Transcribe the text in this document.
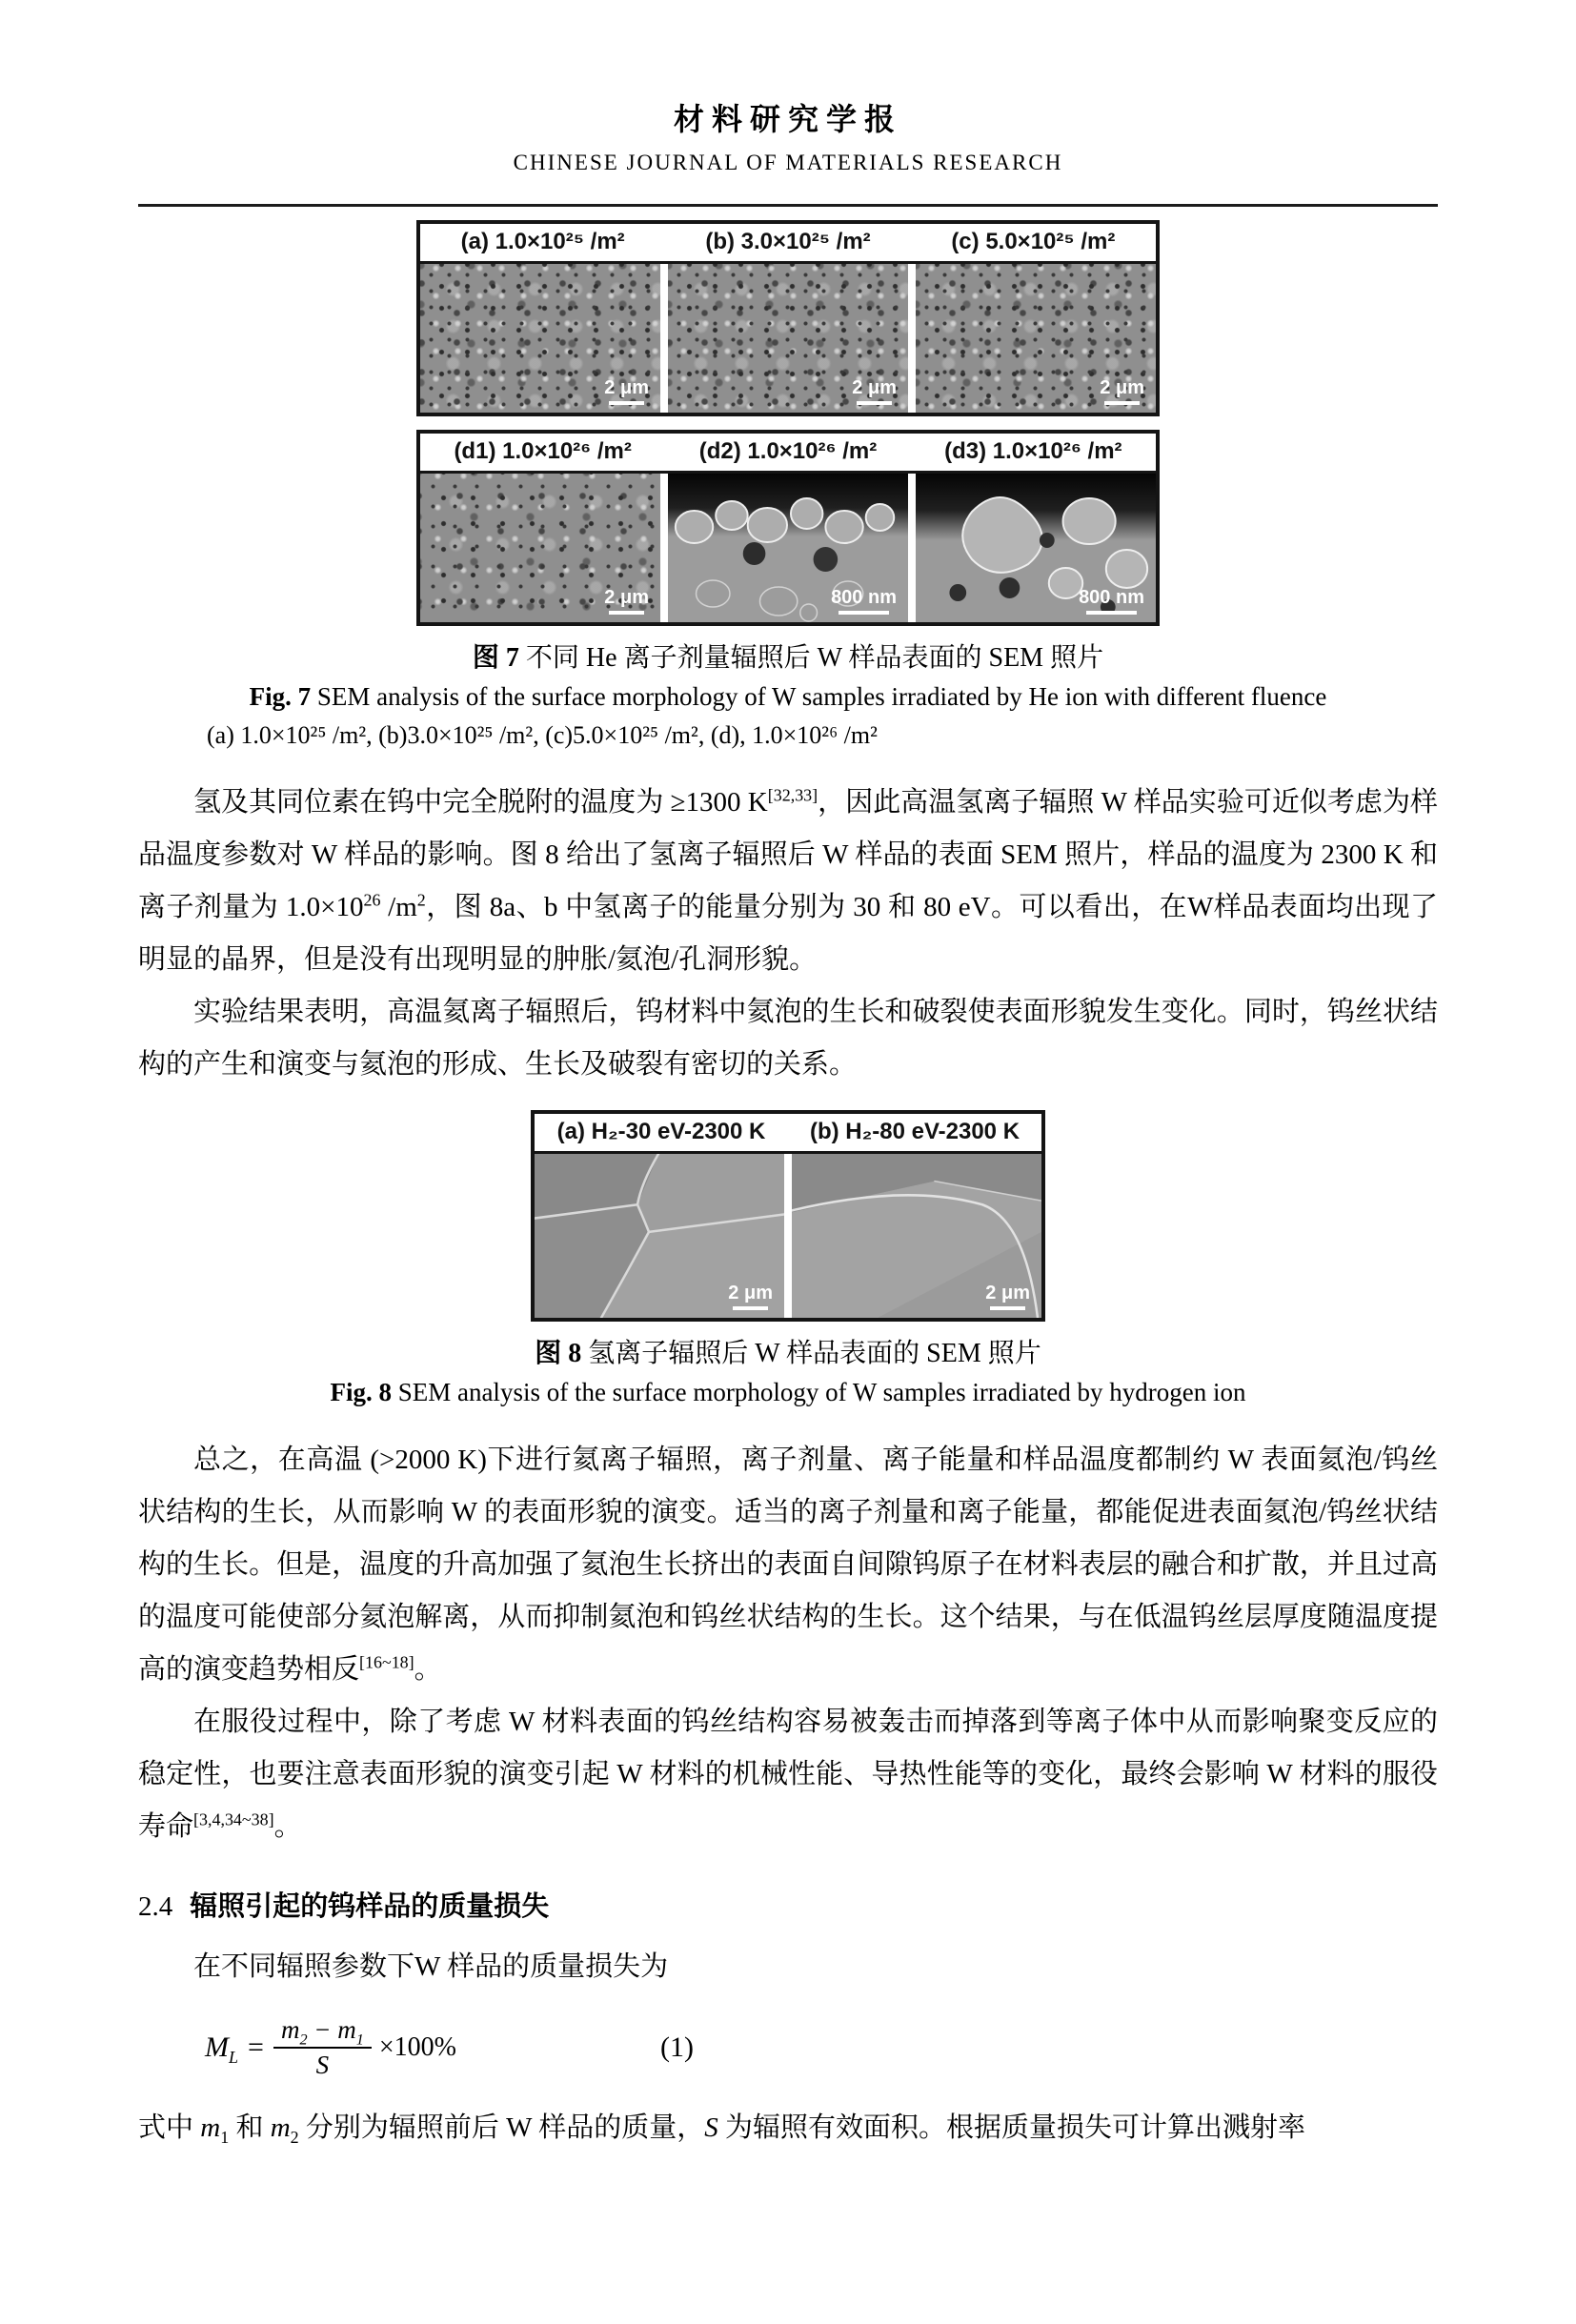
材料研究学报
CHINESE JOURNAL OF MATERIALS RESEARCH
(a) 1.0×10²⁵ /m²	(b) 3.0×10²⁵ /m²	(c) 5.0×10²⁵ /m²
2 μm	2 μm	2 μm
(d1) 1.0×10²⁶ /m²	(d2) 1.0×10²⁶ /m²	(d3) 1.0×10²⁶ /m²
2 μm	800 nm	800 nm
图 7 不同 He 离子剂量辐照后 W 样品表面的 SEM 照片
Fig. 7 SEM analysis of the surface morphology of W samples irradiated by He ion with different fluence
(a) 1.0×10²⁵ /m², (b)3.0×10²⁵ /m², (c)5.0×10²⁵ /m², (d), 1.0×10²⁶ /m²

氢及其同位素在钨中完全脱附的温度为 ≥1300 K[32,33]，因此高温氢离子辐照 W 样品实验可近似考虑为样品温度参数对 W 样品的影响。图 8 给出了氢离子辐照后 W 样品的表面 SEM 照片，样品的温度为 2300 K 和离子剂量为 $1.0\times 10^{26}$ $/m^2$，图 8a、b 中氢离子的能量分别为 30 和 80 eV。可以看出，在W样品表面均出现了明显的晶界，但是没有出现明显的肿胀/氦泡/孔洞形貌。

实验结果表明，高温氦离子辐照后，钨材料中氦泡的生长和破裂使表面形貌发生变化。同时，钨丝状结构的产生和演变与氦泡的形成、生长及破裂有密切的关系。

(a) H₂-30 eV-2300 K	(b) H₂-80 eV-2300 K
2 μm	2 μm
图 8 氢离子辐照后 W 样品表面的 SEM 照片
Fig. 8 SEM analysis of the surface morphology of W samples irradiated by hydrogen ion

总之，在高温 (>2000 K)下进行氦离子辐照，离子剂量、离子能量和样品温度都制约 W 表面氦泡/钨丝状结构的生长，从而影响 W 的表面形貌的演变。适当的离子剂量和离子能量，都能促进表面氦泡/钨丝状结构的生长。但是，温度的升高加强了氦泡生长挤出的表面自间隙钨原子在材料表层的融合和扩散，并且过高的温度可能使部分氦泡解离，从而抑制氦泡和钨丝状结构的生长。这个结果，与在低温钨丝层厚度随温度提高的演变趋势相反[16~18]。

在服役过程中，除了考虑 W 材料表面的钨丝结构容易被轰击而掉落到等离子体中从而影响聚变反应的稳定性，也要注意表面形貌的演变引起 W 材料的机械性能、导热性能等的变化，最终会影响 W 材料的服役寿命[3,4,34~38]。

2.4 辐照引起的钨样品的质量损失

在不同辐照参数下W 样品的质量损失为

$M_L = \frac{m_2 - m_1}{S} \times 100\%$	(1)

式中 $m_1$ 和 $m_2$ 分别为辐照前后 W 样品的质量，S 为辐照有效面积。根据质量损失可计算出溅射率
